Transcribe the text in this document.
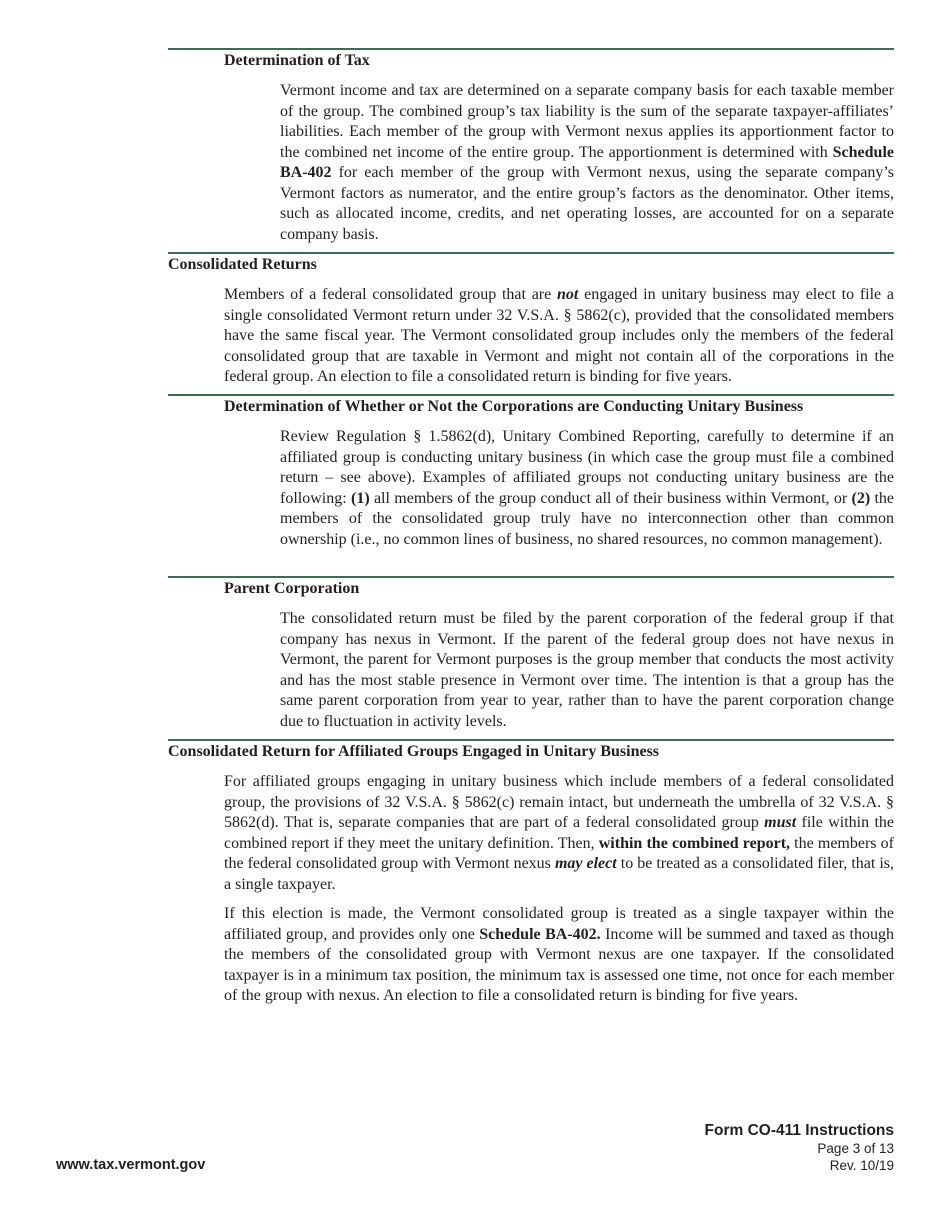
Determination of Tax

Vermont income and tax are determined on a separate company basis for each taxable member of the group. The combined group’s tax liability is the sum of the separate taxpayer-affiliates’ liabilities. Each member of the group with Vermont nexus applies its apportionment factor to the combined net income of the entire group. The apportionment is determined with Schedule BA-402 for each member of the group with Vermont nexus, using the separate company’s Vermont factors as numerator, and the entire group’s factors as the denominator. Other items, such as allocated income, credits, and net operating losses, are accounted for on a separate company basis.

Consolidated Returns

Members of a federal consolidated group that are not engaged in unitary business may elect to file a single consolidated Vermont return under 32 V.S.A. § 5862(c), provided that the consolidated members have the same fiscal year. The Vermont consolidated group includes only the members of the federal consolidated group that are taxable in Vermont and might not contain all of the corporations in the federal group. An election to file a consolidated return is binding for five years.

Determination of Whether or Not the Corporations are Conducting Unitary Business

Review Regulation § 1.5862(d), Unitary Combined Reporting, carefully to determine if an affiliated group is conducting unitary business (in which case the group must file a combined return – see above). Examples of affiliated groups not conducting unitary business are the following: (1) all members of the group conduct all of their business within Vermont, or (2) the members of the consolidated group truly have no interconnection other than common ownership (i.e., no common lines of business, no shared resources, no common management).

Parent Corporation

The consolidated return must be filed by the parent corporation of the federal group if that company has nexus in Vermont. If the parent of the federal group does not have nexus in Vermont, the parent for Vermont purposes is the group member that conducts the most activity and has the most stable presence in Vermont over time. The intention is that a group has the same parent corporation from year to year, rather than to have the parent corporation change due to fluctuation in activity levels.

Consolidated Return for Affiliated Groups Engaged in Unitary Business

For affiliated groups engaging in unitary business which include members of a federal consolidated group, the provisions of 32 V.S.A. § 5862(c) remain intact, but underneath the umbrella of 32 V.S.A. § 5862(d). That is, separate companies that are part of a federal consolidated group must file within the combined report if they meet the unitary definition. Then, within the combined report, the members of the federal consolidated group with Vermont nexus may elect to be treated as a consolidated filer, that is, a single taxpayer.

If this election is made, the Vermont consolidated group is treated as a single taxpayer within the affiliated group, and provides only one Schedule BA-402. Income will be summed and taxed as though the members of the consolidated group with Vermont nexus are one taxpayer. If the consolidated taxpayer is in a minimum tax position, the minimum tax is assessed one time, not once for each member of the group with nexus. An election to file a consolidated return is binding for five years.

Form CO-411 Instructions
Page 3 of 13
Rev. 10/19

www.tax.vermont.gov
